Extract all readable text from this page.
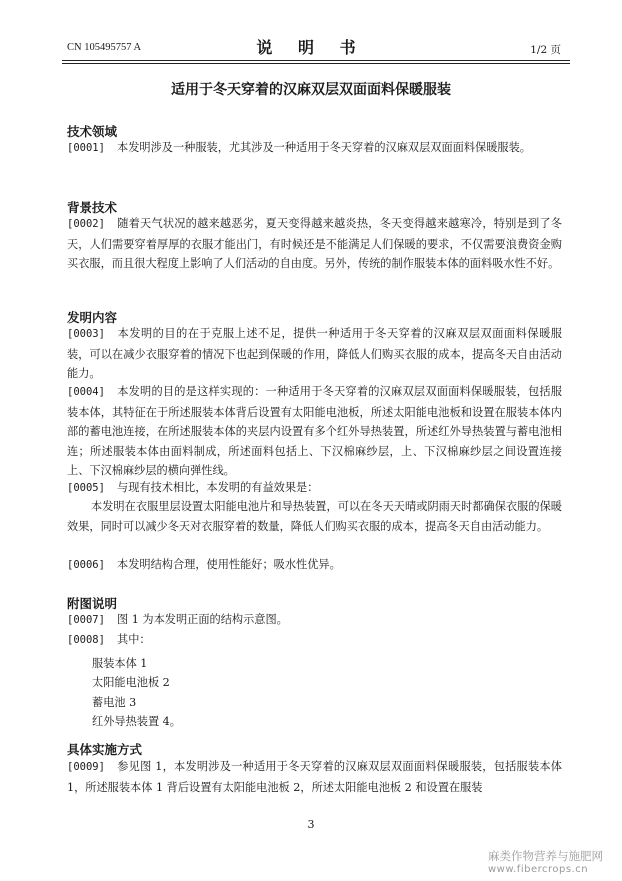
CN 105495757 A	说 明 书	1/2 页
适用于冬天穿着的汉麻双层双面面料保暖服装
技术领域

[0001] 本发明涉及一种服装，尤其涉及一种适用于冬天穿着的汉麻双层双面面料保暖服装。

背景技术

[0002] 随着天气状况的越来越恶劣，夏天变得越来越炎热，冬天变得越来越寒冷，特别是到了冬天，人们需要穿着厚厚的衣服才能出门，有时候还是不能满足人们保暖的要求，不仅需要浪费资金购买衣服，而且很大程度上影响了人们活动的自由度。另外，传统的制作服装本体的面料吸水性不好。

发明内容

[0003] 本发明的目的在于克服上述不足，提供一种适用于冬天穿着的汉麻双层双面面料保暖服装，可以在减少衣服穿着的情况下也起到保暖的作用，降低人们购买衣服的成本，提高冬天自由活动能力。

[0004] 本发明的目的是这样实现的：一种适用于冬天穿着的汉麻双层双面面料保暖服装，包括服装本体，其特征在于所述服装本体背后设置有太阳能电池板，所述太阳能电池板和设置在服装本体内部的蓄电池连接，在所述服装本体的夹层内设置有多个红外导热装置，所述红外导热装置与蓄电池相连；所述服装本体由面料制成，所述面料包括上、下汉棉麻纱层，上、下汉棉麻纱层之间设置连接上、下汉棉麻纱层的横向弹性线。

[0005] 与现有技术相比，本发明的有益效果是：

本发明在衣服里层设置太阳能电池片和导热装置，可以在冬天天晴或阴雨天时都确保衣服的保暖效果，同时可以减少冬天对衣服穿着的数量，降低人们购买衣服的成本，提高冬天自由活动能力。

[0006] 本发明结构合理，使用性能好；吸水性优异。

附图说明

[0007] 图 1 为本发明正面的结构示意图。

[0008] 其中：

服装本体 1
太阳能电池板 2
蓄电池 3
红外导热装置 4。
具体实施方式

[0009] 参见图 1，本发明涉及一种适用于冬天穿着的汉麻双层双面面料保暖服装，包括服装本体 1，所述服装本体 1 背后设置有太阳能电池板 2，所述太阳能电池板 2 和设置在服装

3
麻类作物营养与施肥网
www.fibercrops.cn
